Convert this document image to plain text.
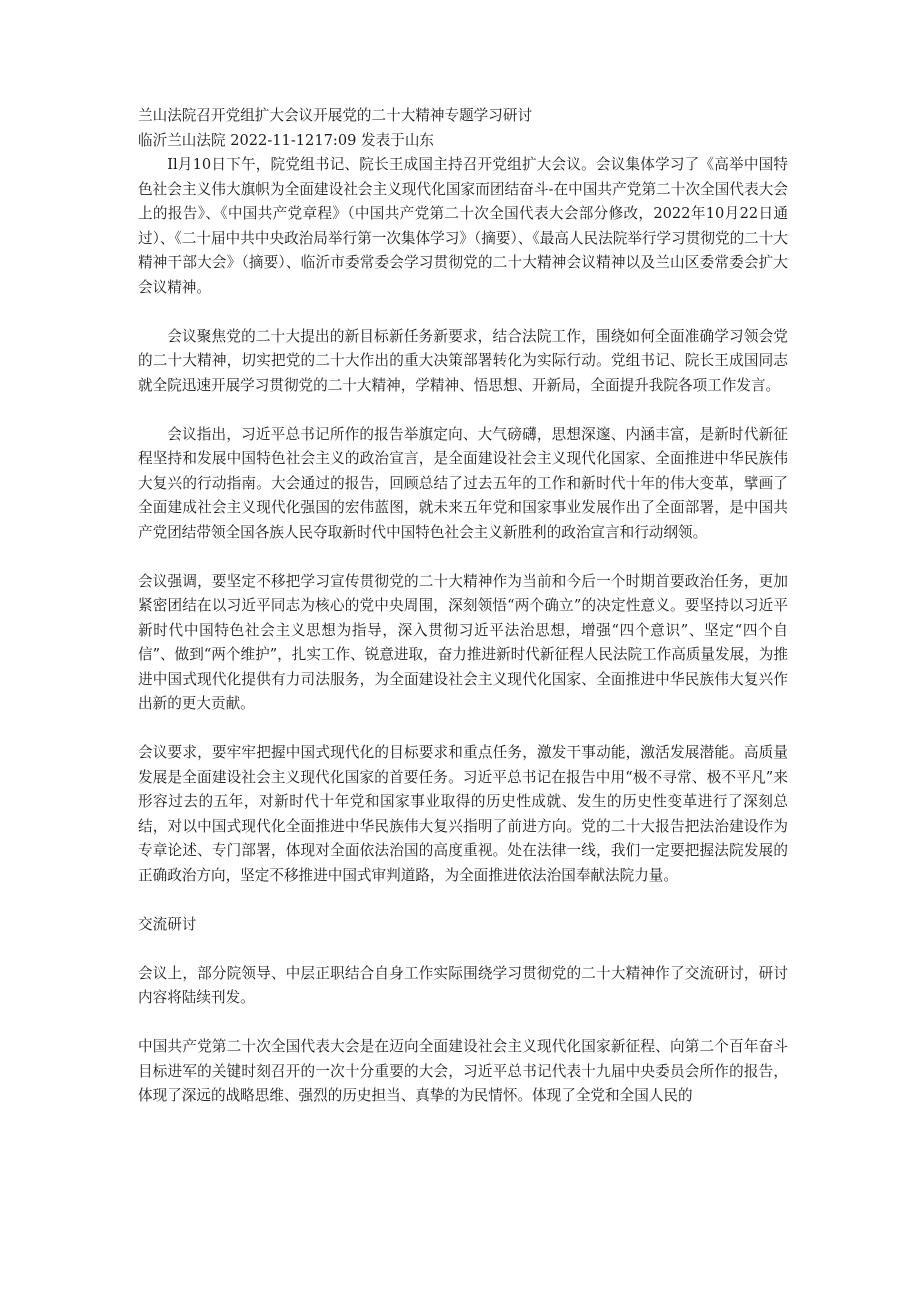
兰山法院召开党组扩大会议开展党的二十大精神专题学习研讨

临沂兰山法院 2022-11-1217:09 发表于山东

Il月10日下午，院党组书记、院长王成国主持召开党组扩大会议。会议集体学习了《高举中国特色社会主义伟大旗帜为全面建设社会主义现代化国家而团结奋斗-在中国共产党第二十次全国代表大会上的报告》、《中国共产党章程》（中国共产党第二十次全国代表大会部分修改，2022年10月22日通过）、《二十届中共中央政治局举行第一次集体学习》（摘要）、《最高人民法院举行学习贯彻党的二十大精神干部大会》（摘要）、临沂市委常委会学习贯彻党的二十大精神会议精神以及兰山区委常委会扩大会议精神。

会议聚焦党的二十大提出的新目标新任务新要求，结合法院工作，围绕如何全面准确学习领会党的二十大精神，切实把党的二十大作出的重大决策部署转化为实际行动。党组书记、院长王成国同志就全院迅速开展学习贯彻党的二十大精神，学精神、悟思想、开新局，全面提升我院各项工作发言。

会议指出，习近平总书记所作的报告举旗定向、大气磅礴，思想深邃、内涵丰富，是新时代新征程坚持和发展中国特色社会主义的政治宣言，是全面建设社会主义现代化国家、全面推进中华民族伟大复兴的行动指南。大会通过的报告，回顾总结了过去五年的工作和新时代十年的伟大变革，擘画了全面建成社会主义现代化强国的宏伟蓝图，就未来五年党和国家事业发展作出了全面部署，是中国共产党团结带领全国各族人民夺取新时代中国特色社会主义新胜利的政治宣言和行动纲领。

会议强调，要坚定不移把学习宣传贯彻党的二十大精神作为当前和今后一个时期首要政治任务，更加紧密团结在以习近平同志为核心的党中央周围，深刻领悟“两个确立”的决定性意义。要坚持以习近平新时代中国特色社会主义思想为指导，深入贯彻习近平法治思想，增强“四个意识”、坚定“四个自信”、做到“两个维护”，扎实工作、锐意进取，奋力推进新时代新征程人民法院工作高质量发展，为推进中国式现代化提供有力司法服务，为全面建设社会主义现代化国家、全面推进中华民族伟大复兴作出新的更大贡献。

会议要求，要牢牢把握中国式现代化的目标要求和重点任务，激发干事动能，激活发展潜能。高质量发展是全面建设社会主义现代化国家的首要任务。习近平总书记在报告中用“极不寻常、极不平凡”来形容过去的五年，对新时代十年党和国家事业取得的历史性成就、发生的历史性变革进行了深刻总结，对以中国式现代化全面推进中华民族伟大复兴指明了前进方向。党的二十大报告把法治建设作为专章论述、专门部署，体现对全面依法治国的高度重视。处在法律一线，我们一定要把握法院发展的正确政治方向，坚定不移推进中国式审判道路，为全面推进依法治国奉献法院力量。

交流研讨

会议上，部分院领导、中层正职结合自身工作实际围绕学习贯彻党的二十大精神作了交流研讨，研讨内容将陆续刊发。

中国共产党第二十次全国代表大会是在迈向全面建设社会主义现代化国家新征程、向第二个百年奋斗目标进军的关键时刻召开的一次十分重要的大会，习近平总书记代表十九届中央委员会所作的报告，体现了深远的战略思维、强烈的历史担当、真挚的为民情怀。体现了全党和全国人民的
